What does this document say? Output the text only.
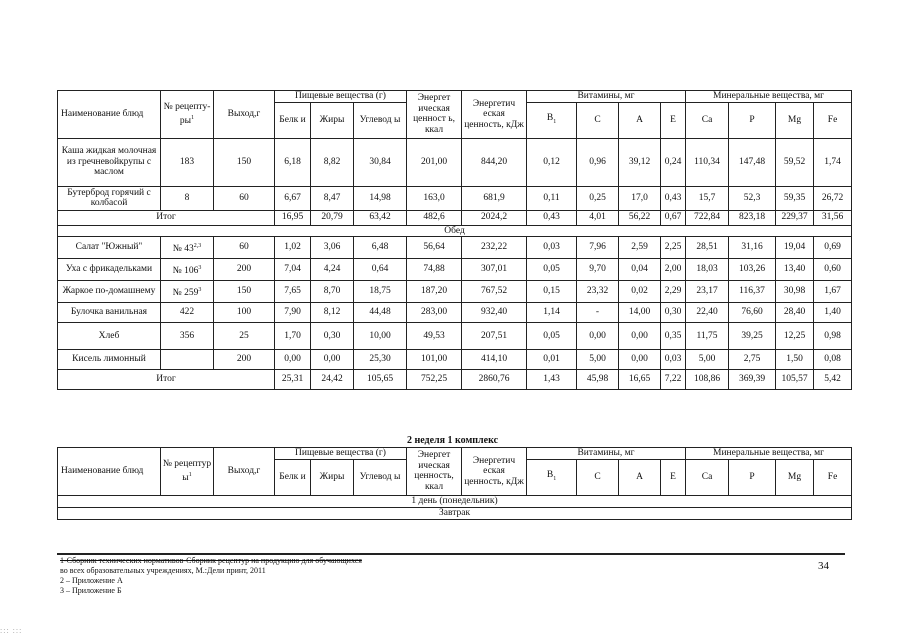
Наименование блюд	№ рецепту-$ры^1$	Выход,г	Пищевые вещества (г)			Энергет ическая ценност ь, ккал	Энергетич еская ценность, кДж	Витамины, мг				Минеральные вещества, мг			
			Белк и	Жиры	Углевод ы			$B_1$	C	A	E	Ca	P	Mg	Fe
Каша жидкая молочная из гречневойкрупы с маслом	183	150	6,18	8,82	30,84	201,00	844,20	0,12	0,96	39,12	0,24	110,34	147,48	59,52	1,74
Бутерброд горячий с колбасой	8	60	6,67	8,47	14,98	163,0	681,9	0,11	0,25	17,0	0,43	15,7	52,3	59,35	26,72
Итог			16,95	20,79	63,42	482,6	2024,2	0,43	4,01	56,22	0,67	722,84	823,18	229,37	31,56
Обед															
Салат "Южный"	№ 43$^{2,3}$	60	1,02	3,06	6,48	56,64	232,22	0,03	7,96	2,59	2,25	28,51	31,16	19,04	0,69
Уха с фрикадельками	№ $106^3$	200	7,04	4,24	0,64	74,88	307,01	0,05	9,70	0,04	2,00	18,03	103,26	13,40	0,60
Жаркое по-домашнему	№ $259^3$	150	7,65	8,70	18,75	187,20	767,52	0,15	23,32	0,02	2,29	23,17	116,37	30,98	1,67
Булочка ванильная	422	100	7,90	8,12	44,48	283,00	932,40	1,14	-	14,00	0,30	22,40	76,60	28,40	1,40
Хлеб	356	25	1,70	0,30	10,00	49,53	207,51	0,05	0,00	0,00	0,35	11,75	39,25	12,25	0,98
Кисель лимонный		200	0,00	0,00	25,30	101,00	414,10	0,01	5,00	0,00	0,03	5,00	2,75	1,50	0,08
Итог			25,31	24,42	105,65	752,25	2860,76	1,43	45,98	16,65	7,22	108,86	369,39	105,57	5,42
2 неделя 1 комплекс
Наименование блюд	№ рецептур $ы^1$	Выход,г	Пищевые вещества (г)			Энергет ическая ценность, ккал	Энергетич еская ценность, кДж	Витамины, мг				Минеральные вещества, мг			
			Белк и	Жиры	Углевод ы			$B_1$	C	A	E	Ca	P	Mg	Fe
1 день (понедельник)															
Завтрак															
1-Сборник технических нормативов-Сборник рецептур на продукцию для обучающихся
во всех образовательных учреждениях, М.:Дели принт, 2011
2 – Приложение А
3 – Приложение Б
34
::: :::
